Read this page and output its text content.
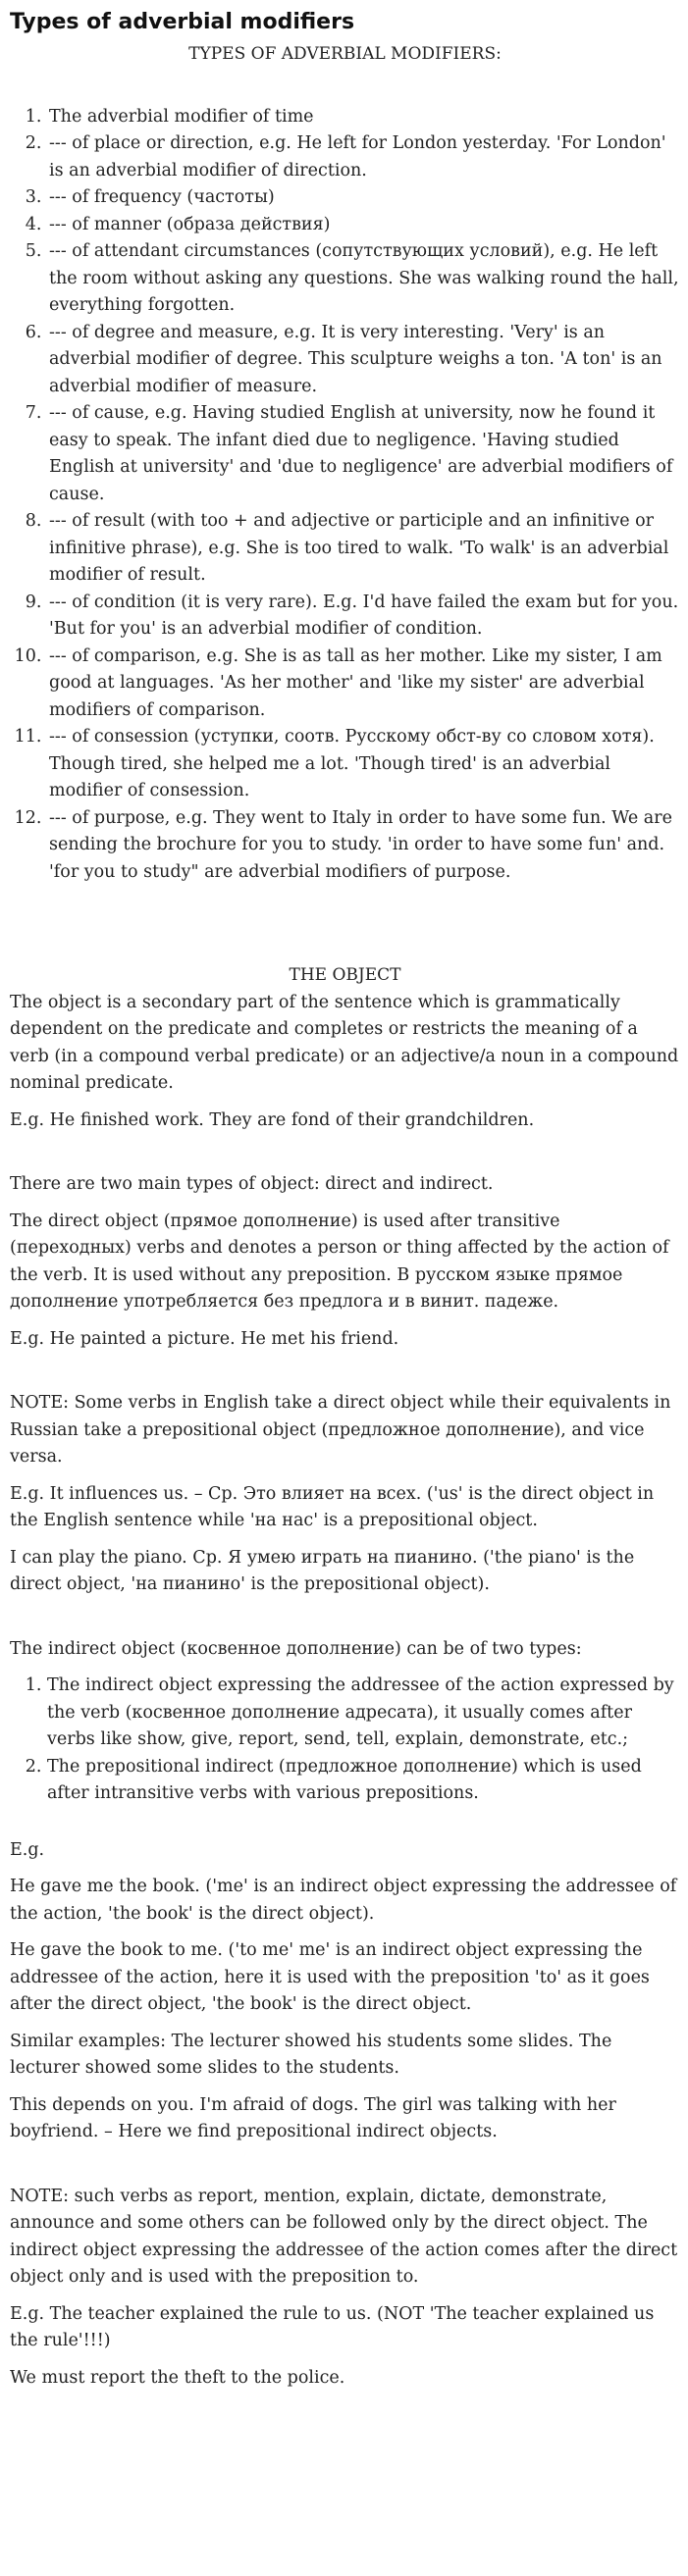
Types of adverbial modifiers
TYPES OF ADVERBIAL MODIFIERS:
1. The adverbial modifier of time
2. --- of place or direction, e.g. He left for London yesterday. 'For London' is an adverbial modifier of direction.
3. --- of frequency (частоты)
4. --- of manner (образа действия)
5. --- of attendant circumstances (сопутствующих условий), e.g. He left the room without asking any questions. She was walking round the hall, everything forgotten.
6. --- of degree and measure, e.g. It is very interesting. 'Very' is an adverbial modifier of degree. This sculpture weighs a ton. 'A ton' is an adverbial modifier of measure.
7. --- of cause, e.g. Having studied English at university, now he found it easy to speak. The infant died due to negligence. 'Having studied English at university' and 'due to negligence' are adverbial modifiers of cause.
8. --- of result (with too + and adjective or participle and an infinitive or infinitive phrase), e.g. She is too tired to walk. 'To walk' is an adverbial modifier of result.
9. --- of condition (it is very rare). E.g. I'd have failed the exam but for you. 'But for you' is an adverbial modifier of condition.
10. --- of comparison, e.g. She is as tall as her mother. Like my sister, I am good at languages. 'As her mother' and 'like my sister' are adverbial modifiers of comparison.
11. --- of consession (уступки, соотв. Русскому обст-ву со словом хотя). Though tired, she helped me a lot. 'Though tired' is an adverbial modifier of consession.
12. --- of purpose, e.g. They went to Italy in order to have some fun. We are sending the brochure for you to study. 'in order to have some fun' and. 'for you to study" are adverbial modifiers of purpose.
THE OBJECT

The object is a secondary part of the sentence which is grammatically dependent on the predicate and completes or restricts the meaning of a verb (in a compound verbal predicate) or an adjective/a noun in a compound nominal predicate.

E.g. He finished work. They are fond of their grandchildren.

There are two main types of object: direct and indirect.

The direct object (прямое дополнение) is used after transitive (переходных) verbs and denotes a person or thing affected by the action of the verb. It is used without any preposition. В русском языке прямое дополнение употребляется без предлога и в винит. падеже.

E.g. He painted a picture. He met his friend.

NOTE: Some verbs in English take a direct object while their equivalents in Russian take a prepositional object (предложное дополнение), and vice versa.

E.g. It influences us. – Ср. Это влияет на всех. ('us' is the direct object in the English sentence while 'на нас' is a prepositional object.

I can play the piano. Ср. Я умею играть на пианино. ('the piano' is the direct object, 'на пианино' is the prepositional object).

The indirect object (косвенное дополнение) can be of two types:

1. The indirect object expressing the addressee of the action expressed by the verb (косвенное дополнение адресата), it usually comes after verbs like show, give, report, send, tell, explain, demonstrate, etc.;
2. The prepositional indirect (предложное дополнение) which is used after intransitive verbs with various prepositions.

E.g.

He gave me the book. ('me' is an indirect object expressing the addressee of the action, 'the book' is the direct object).

He gave the book to me. ('to me' me' is an indirect object expressing the addressee of the action, here it is used with the preposition 'to' as it goes after the direct object, 'the book' is the direct object.

Similar examples: The lecturer showed his students some slides. The lecturer showed some slides to the students.

This depends on you. I'm afraid of dogs. The girl was talking with her boyfriend. – Here we find prepositional indirect objects.

NOTE: such verbs as report, mention, explain, dictate, demonstrate, announce and some others can be followed only by the direct object. The indirect object expressing the addressee of the action comes after the direct object only and is used with the preposition to.

E.g. The teacher explained the rule to us. (NOT 'The teacher explained us the rule'!!!)

We must report the theft to the police.
